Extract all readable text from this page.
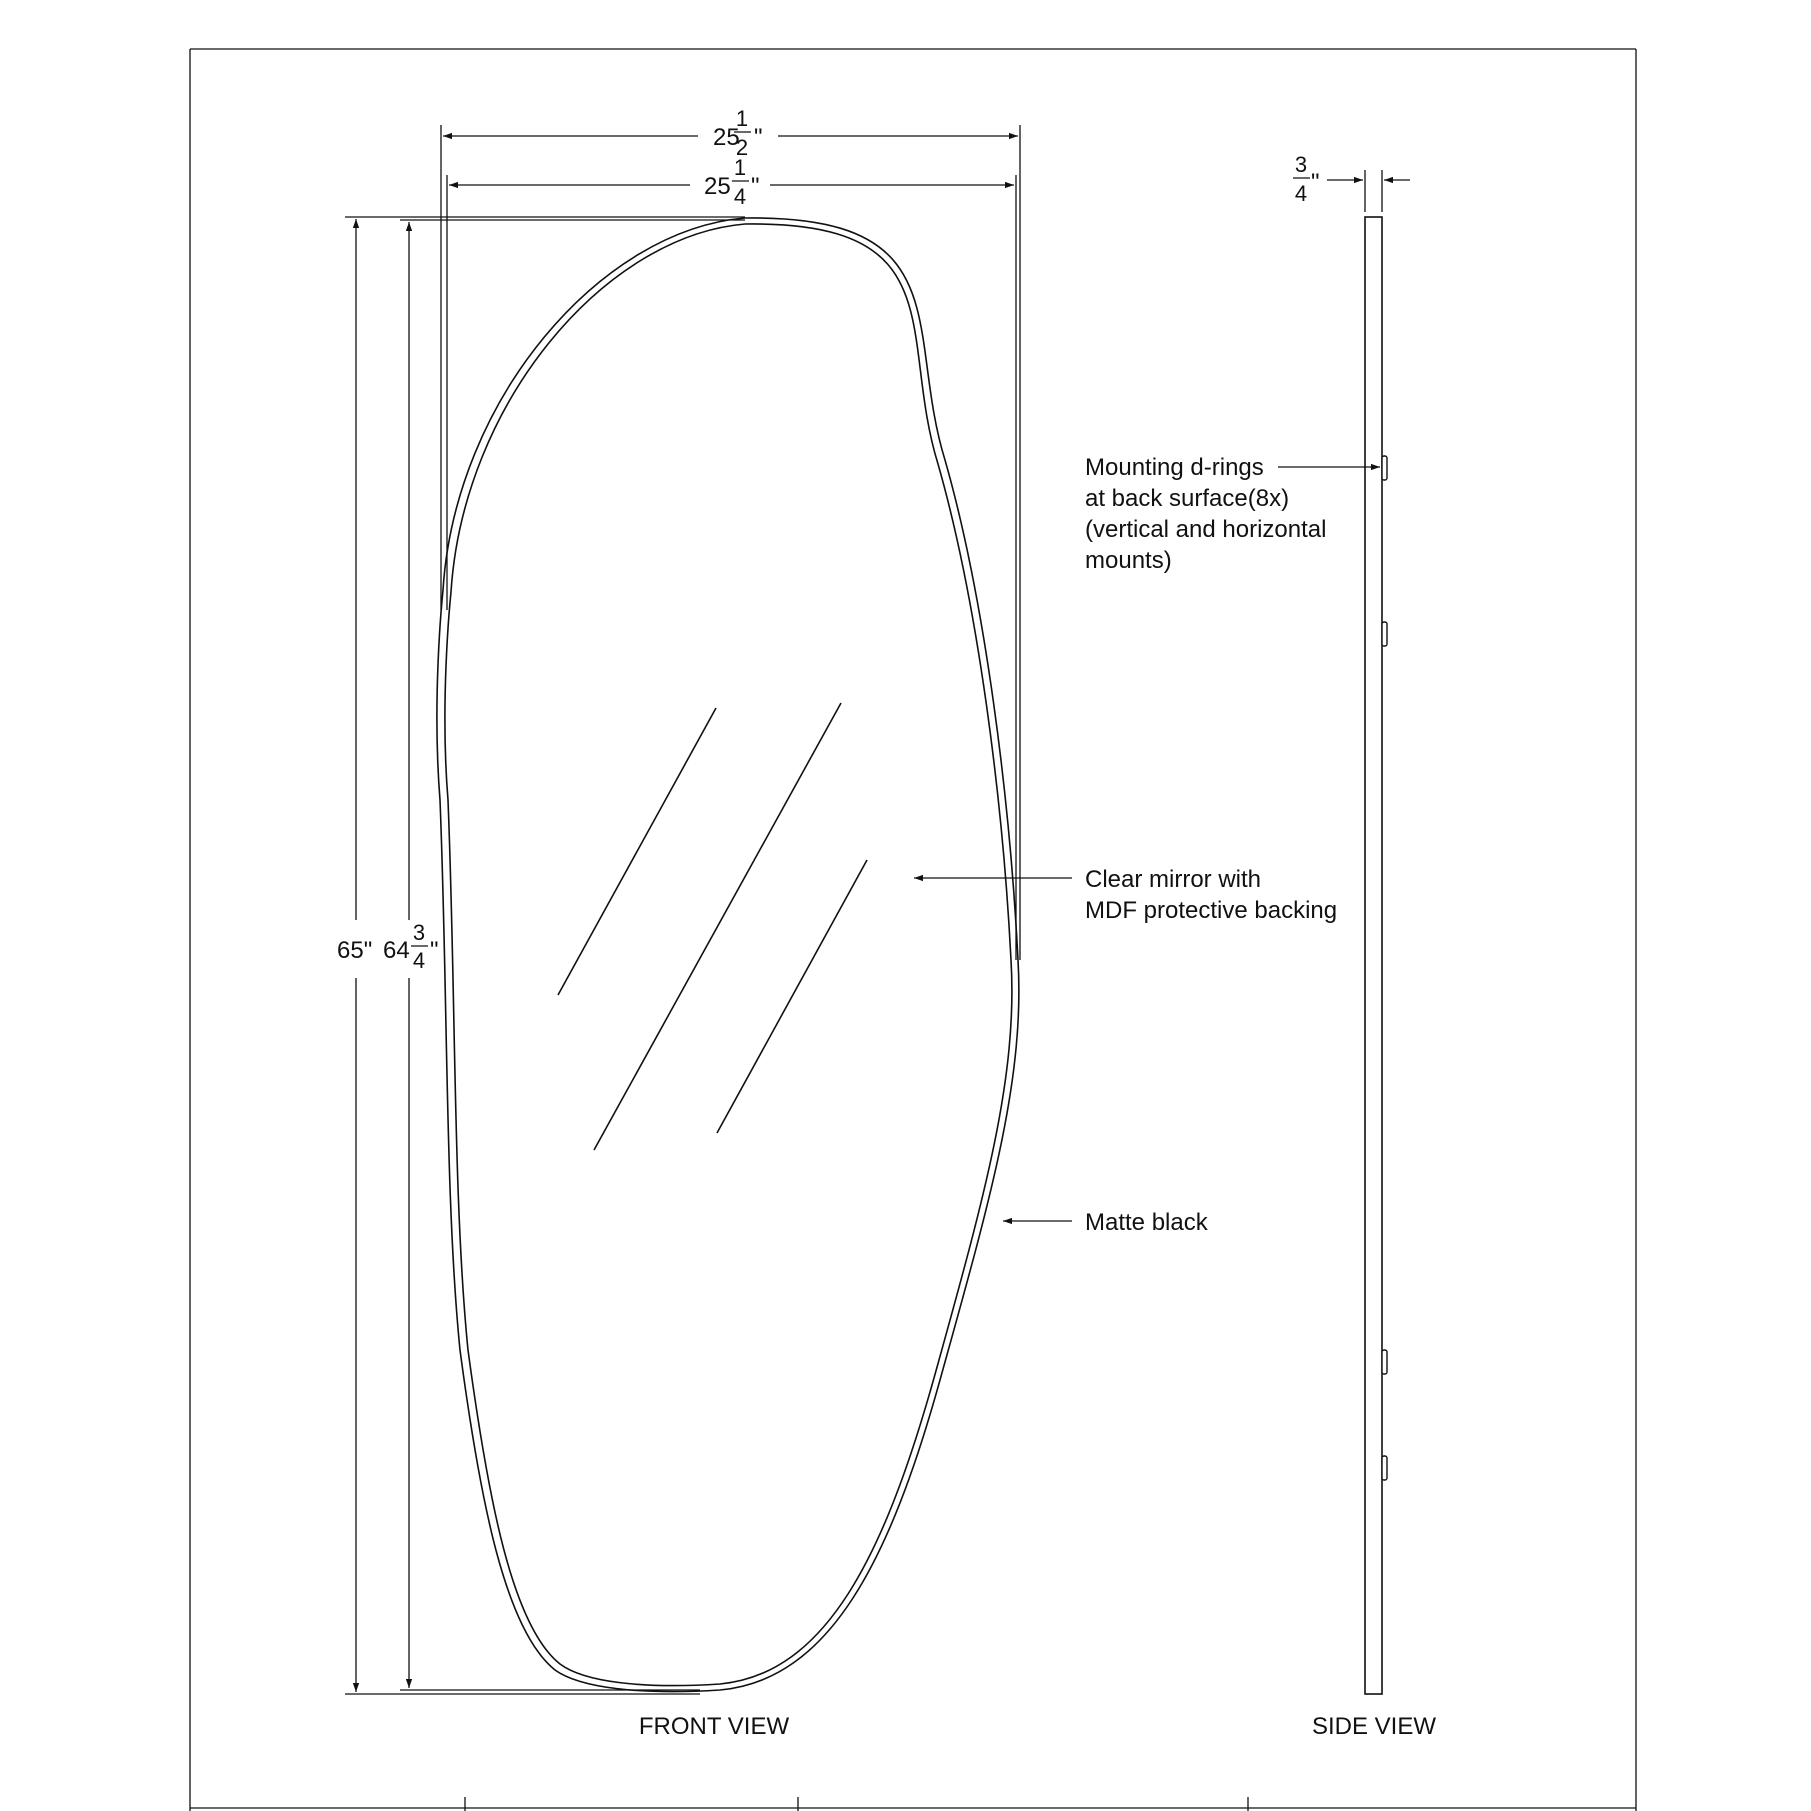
25
1
2 "
25
1
4 "
65" 64
3
4 "
3
4 "
Mounting d-rings
at back surface(8x)
(vertical and horizontal
mounts)
Clear mirror with
MDF protective backing
Matte black
FRONT VIEW	SIDE VIEW
